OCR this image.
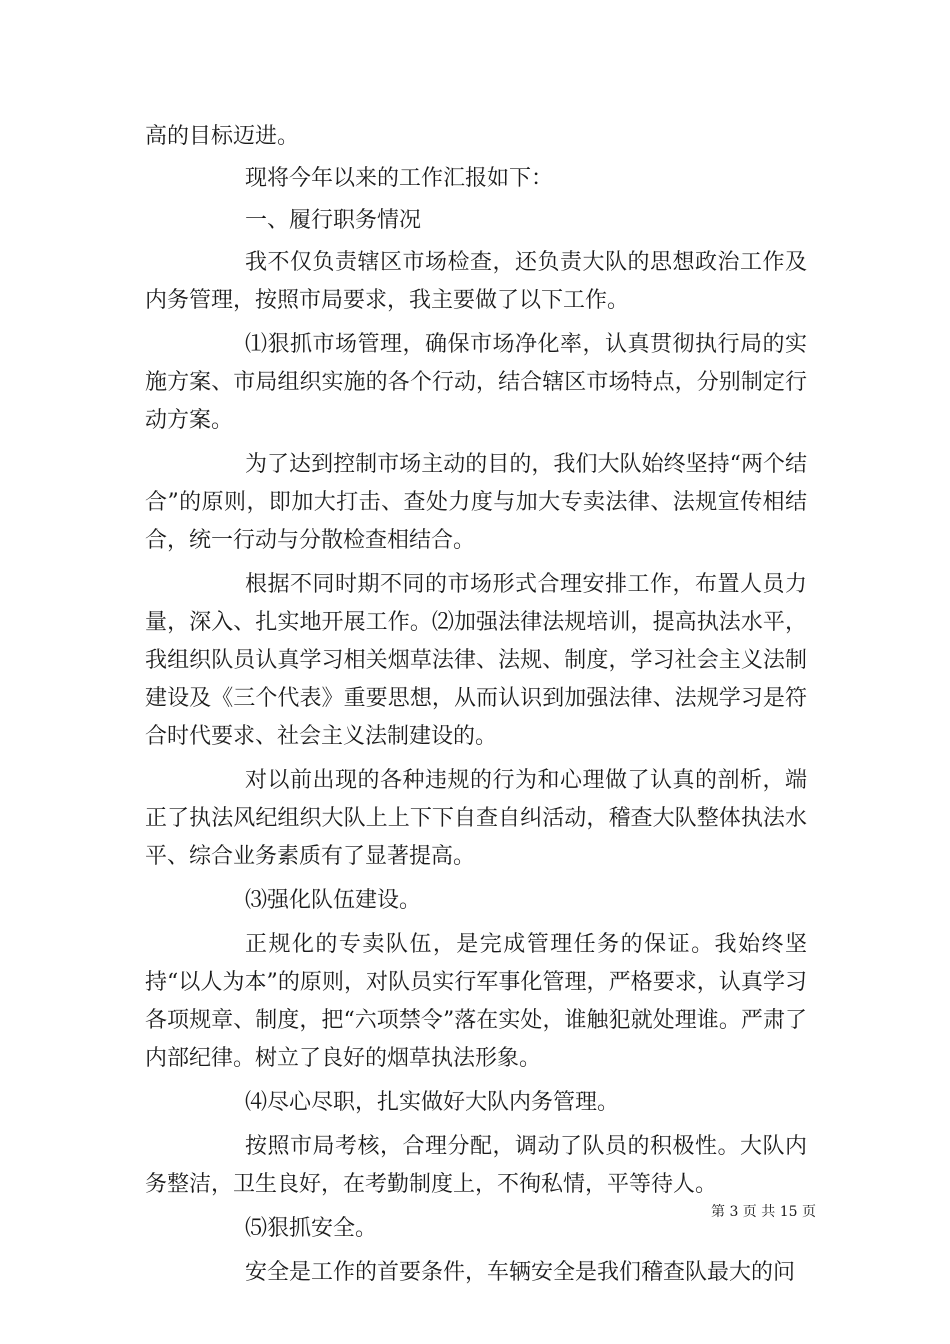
高的目标迈进。

现将今年以来的工作汇报如下：

一、履行职务情况

我不仅负责辖区市场检查，还负责大队的思想政治工作及内务管理，按照市局要求，我主要做了以下工作。

⑴狠抓市场管理，确保市场净化率，认真贯彻执行局的实施方案、市局组织实施的各个行动，结合辖区市场特点，分别制定行动方案。

为了达到控制市场主动的目的，我们大队始终坚持“两个结合”的原则，即加大打击、查处力度与加大专卖法律、法规宣传相结合，统一行动与分散检查相结合。

根据不同时期不同的市场形式合理安排工作，布置人员力量，深入、扎实地开展工作。⑵加强法律法规培训，提高执法水平，我组织队员认真学习相关烟草法律、法规、制度，学习社会主义法制建设及《三个代表》重要思想，从而认识到加强法律、法规学习是符合时代要求、社会主义法制建设的。

对以前出现的各种违规的行为和心理做了认真的剖析，端正了执法风纪组织大队上上下下自查自纠活动，稽查大队整体执法水平、综合业务素质有了显著提高。

⑶强化队伍建设。

正规化的专卖队伍，是完成管理任务的保证。我始终坚持“以人为本”的原则，对队员实行军事化管理，严格要求，认真学习各项规章、制度，把“六项禁令”落在实处，谁触犯就处理谁。严肃了内部纪律。树立了良好的烟草执法形象。

⑷尽心尽职，扎实做好大队内务管理。

按照市局考核，合理分配，调动了队员的积极性。大队内务整洁，卫生良好，在考勤制度上，不徇私情，平等待人。

⑸狠抓安全。

安全是工作的首要条件，车辆安全是我们稽查队最大的问

第 3 页 共 15 页
